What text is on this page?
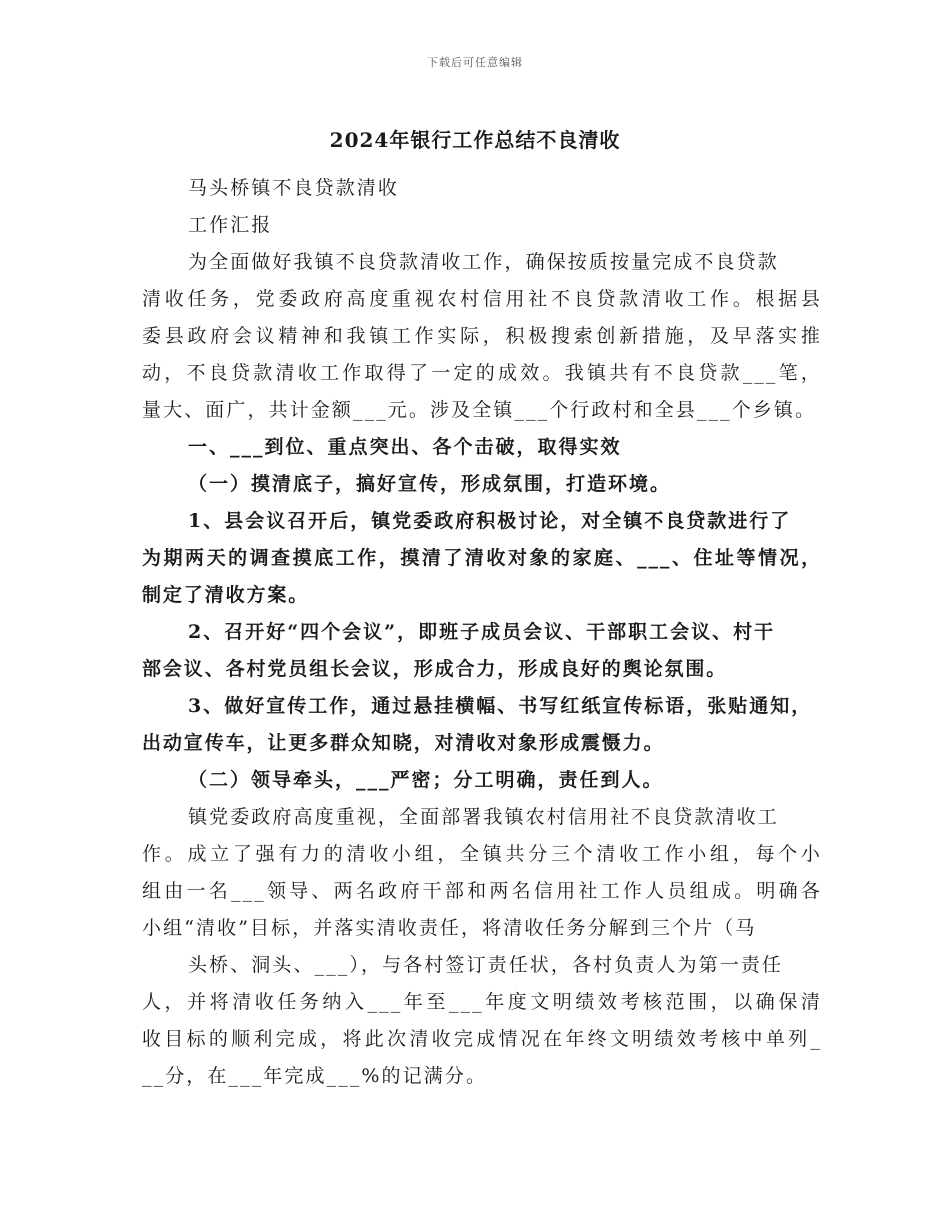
下载后可任意编辑
2024年银行工作总结不良清收
马头桥镇不良贷款清收
工作汇报
为全面做好我镇不良贷款清收工作，确保按质按量完成不良贷款
清收任务，党委政府高度重视农村信用社不良贷款清收工作。根据县
委县政府会议精神和我镇工作实际，积极搜索创新措施，及早落实推
动，不良贷款清收工作取得了一定的成效。我镇共有不良贷款___笔，
量大、面广，共计金额___元。涉及全镇___个行政村和全县___个乡镇。
一、___到位、重点突出、各个击破，取得实效
（一）摸清底子，搞好宣传，形成氛围，打造环境。
1、县会议召开后，镇党委政府积极讨论，对全镇不良贷款进行了
为期两天的调查摸底工作，摸清了清收对象的家庭、___、住址等情况，
制定了清收方案。
2、召开好“四个会议”，即班子成员会议、干部职工会议、村干
部会议、各村党员组长会议，形成合力，形成良好的舆论氛围。
3、做好宣传工作，通过悬挂横幅、书写红纸宣传标语，张贴通知，
出动宣传车，让更多群众知晓，对清收对象形成震慑力。
（二）领导牵头，___严密；分工明确，责任到人。
镇党委政府高度重视，全面部署我镇农村信用社不良贷款清收工
作。成立了强有力的清收小组，全镇共分三个清收工作小组，每个小
组由一名___领导、两名政府干部和两名信用社工作人员组成。明确各
小组“清收”目标，并落实清收责任，将清收任务分解到三个片（马
头桥、洞头、___），与各村签订责任状，各村负责人为第一责任
人，并将清收任务纳入___年至___年度文明绩效考核范围，以确保清
收目标的顺利完成，将此次清收完成情况在年终文明绩效考核中单列_
__分，在___年完成___%的记满分。
